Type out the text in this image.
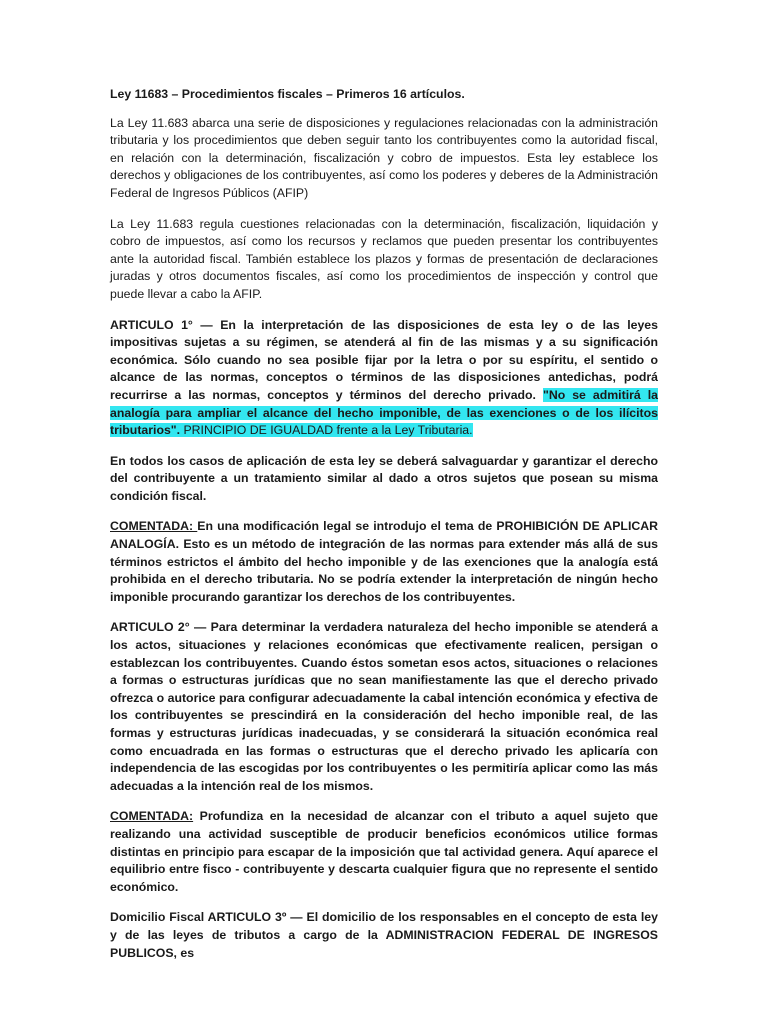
Ley 11683 – Procedimientos fiscales – Primeros 16 artículos.

La Ley 11.683 abarca una serie de disposiciones y regulaciones relacionadas con la administración tributaria y los procedimientos que deben seguir tanto los contribuyentes como la autoridad fiscal, en relación con la determinación, fiscalización y cobro de impuestos. Esta ley establece los derechos y obligaciones de los contribuyentes, así como los poderes y deberes de la Administración Federal de Ingresos Públicos (AFIP)

La Ley 11.683 regula cuestiones relacionadas con la determinación, fiscalización, liquidación y cobro de impuestos, así como los recursos y reclamos que pueden presentar los contribuyentes ante la autoridad fiscal. También establece los plazos y formas de presentación de declaraciones juradas y otros documentos fiscales, así como los procedimientos de inspección y control que puede llevar a cabo la AFIP.

ARTICULO 1° — En la interpretación de las disposiciones de esta ley o de las leyes impositivas sujetas a su régimen, se atenderá al fin de las mismas y a su significación económica. Sólo cuando no sea posible fijar por la letra o por su espíritu, el sentido o alcance de las normas, conceptos o términos de las disposiciones antedichas, podrá recurrirse a las normas, conceptos y términos del derecho privado. "No se admitirá la analogía para ampliar el alcance del hecho imponible, de las exenciones o de los ilícitos tributarios". PRINCIPIO DE IGUALDAD frente a la Ley Tributaria.

En todos los casos de aplicación de esta ley se deberá salvaguardar y garantizar el derecho del contribuyente a un tratamiento similar al dado a otros sujetos que posean su misma condición fiscal.

COMENTADA: En una modificación legal se introdujo el tema de PROHIBICIÓN DE APLICAR ANALOGÍA. Esto es un método de integración de las normas para extender más allá de sus términos estrictos el ámbito del hecho imponible y de las exenciones que la analogía está prohibida en el derecho tributaria. No se podría extender la interpretación de ningún hecho imponible procurando garantizar los derechos de los contribuyentes.

ARTICULO 2° — Para determinar la verdadera naturaleza del hecho imponible se atenderá a los actos, situaciones y relaciones económicas que efectivamente realicen, persigan o establezcan los contribuyentes. Cuando éstos sometan esos actos, situaciones o relaciones a formas o estructuras jurídicas que no sean manifiestamente las que el derecho privado ofrezca o autorice para configurar adecuadamente la cabal intención económica y efectiva de los contribuyentes se prescindirá en la consideración del hecho imponible real, de las formas y estructuras jurídicas inadecuadas, y se considerará la situación económica real como encuadrada en las formas o estructuras que el derecho privado les aplicaría con independencia de las escogidas por los contribuyentes o les permitiría aplicar como las más adecuadas a la intención real de los mismos.

COMENTADA: Profundiza en la necesidad de alcanzar con el tributo a aquel sujeto que realizando una actividad susceptible de producir beneficios económicos utilice formas distintas en principio para escapar de la imposición que tal actividad genera. Aquí aparece el equilibrio entre fisco - contribuyente y descarta cualquier figura que no represente el sentido económico.

Domicilio Fiscal ARTICULO 3º — El domicilio de los responsables en el concepto de esta ley y de las leyes de tributos a cargo de la ADMINISTRACION FEDERAL DE INGRESOS PUBLICOS, es
